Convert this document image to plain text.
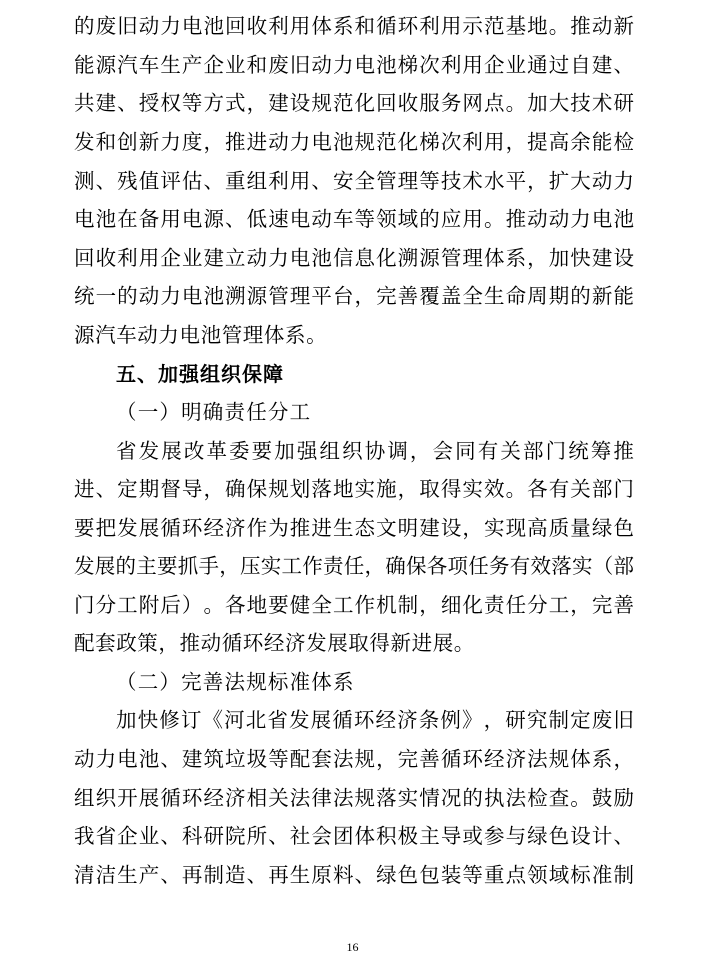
的 废 旧 动 力 电 池 回 收 利 用 体 系 和 循 环 利 用 示 范 基 地 。 推 动 新
能 源 汽 车 生 产 企 业 和 废 旧 动 力 电 池 梯 次 利 用 企 业 通 过 自 建 、
共 建 、 授 权 等 方 式 ， 建 设 规 范 化 回 收 服 务 网 点 。 加 大 技 术 研
发 和 创 新 力 度 ， 推 进 动 力 电 池 规 范 化 梯 次 利 用 ， 提 高 余 能 检
测 、 残 值 评 估 、 重 组 利 用 、 安 全 管 理 等 技 术 水 平 ， 扩 大 动 力
电 池 在 备 用 电 源 、 低 速 电 动 车 等 领 域 的 应 用 。 推 动 动 力 电 池
回 收 利 用 企 业 建 立 动 力 电 池 信 息 化 溯 源 管 理 体 系 ， 加 快 建 设
统 一 的 动 力 电 池 溯 源 管 理 平 台 ， 完 善 覆 盖 全 生 命 周 期 的 新 能
源汽车动力电池管理体系。
五、加强组织保障
（一）明确责任分工
省 发 展 改 革 委 要 加 强 组 织 协 调 ， 会 同 有 关 部 门 统 筹 推
进 、 定 期 督 导 ， 确 保 规 划 落 地 实 施 ， 取 得 实 效 。 各 有 关 部 门
要 把 发 展 循 环 经 济 作 为 推 进 生 态 文 明 建 设 ， 实 现 高 质 量 绿 色
发 展 的 主 要 抓 手 ， 压 实 工 作 责 任 ， 确 保 各 项 任 务 有 效 落 实 （ 部
门 分 工 附 后 ） 。 各 地 要 健 全 工 作 机 制 ， 细 化 责 任 分 工 ， 完 善
配套政策，推动循环经济发展取得新进展。
（二）完善法规标准体系
加 快 修 订 《 河 北 省 发 展 循 环 经 济 条 例 》 ， 研 究 制 定 废 旧
动 力 电 池 、 建 筑 垃 圾 等 配 套 法 规 ， 完 善 循 环 经 济 法 规 体 系 ，
组 织 开 展 循 环 经 济 相 关 法 律 法 规 落 实 情 况 的 执 法 检 查 。 鼓 励
我 省 企 业 、 科 研 院 所 、 社 会 团 体 积 极 主 导 或 参 与 绿 色 设 计 、
清 洁 生 产 、 再 制 造 、 再 生 原 料 、 绿 色 包 装 等 重 点 领 域 标 准 制
16
